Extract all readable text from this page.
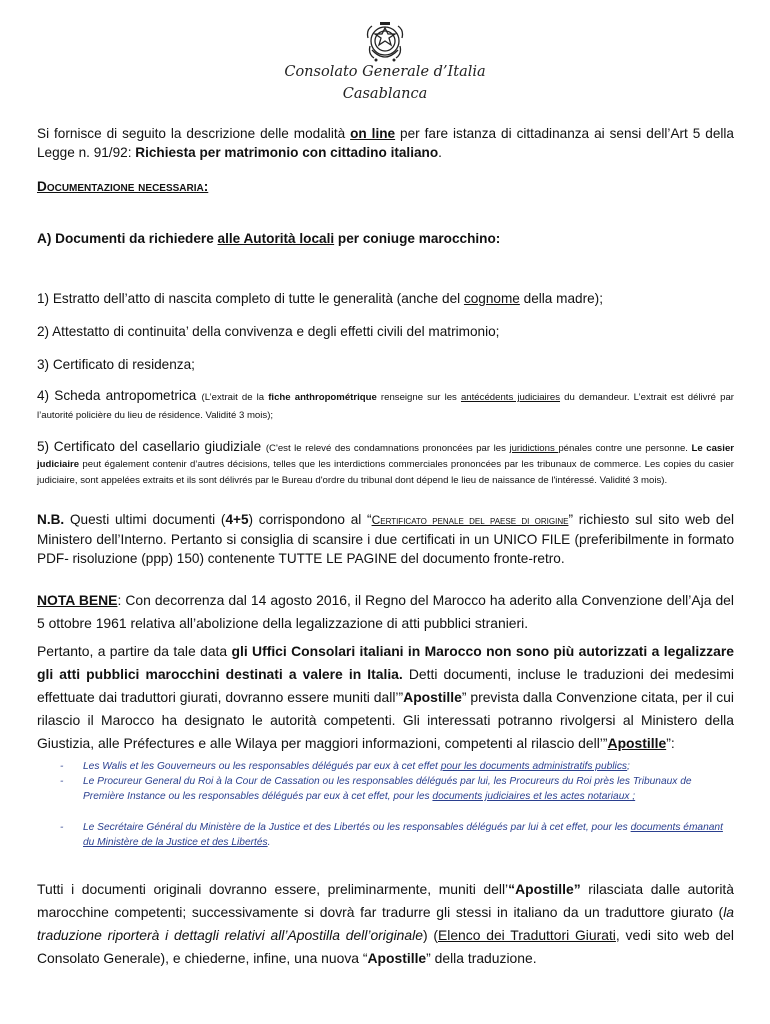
Consolato Generale d’Italia
Casablanca
Si fornisce di seguito la descrizione delle modalità on line per fare istanza di cittadinanza ai sensi dell’Art 5 della Legge n. 91/92: Richiesta per matrimonio con cittadino italiano.
Documentazione necessaria:
A) Documenti da richiedere alle Autorità locali per coniuge marocchino:
1) Estratto dell’atto di nascita completo di tutte le generalità (anche del cognome della madre);
2) Attestatto di continuita’ della convivenza e degli effetti civili del matrimonio;
3) Certificato di residenza;
4) Scheda antropometrica (L’extrait de la fiche anthropométrique renseigne sur les antécédents judiciaires du demandeur. L’extrait est délivré par l’autorité policière du lieu de résidence. Validité 3 mois);
5) Certificato del casellario giudiziale (C'est le relevé des condamnations prononcées par les juridictions pénales contre une personne. Le casier judiciaire peut également contenir d’autres décisions, telles que les interdictions commerciales prononcées par les tribunaux de commerce. Les copies du casier judiciaire, sont appelées extraits et ils sont délivrés par le Bureau d'ordre du tribunal dont dépend le lieu de naissance de l'intéressé. Validité 3 mois).
N.B. Questi ultimi documenti (4+5) corrispondono al “Certificato penale del paese di origine” richiesto sul sito web del Ministero dell’Interno. Pertanto si consiglia di scansire i due certificati in un UNICO FILE (preferibilmente in formato PDF- risoluzione (ppp) 150) contenente TUTTE LE PAGINE del documento fronte-retro.
NOTA BENE: Con decorrenza dal 14 agosto 2016, il Regno del Marocco ha aderito alla Convenzione dell’Aja del 5 ottobre 1961 relativa all’abolizione della legalizzazione di atti pubblici stranieri.
Pertanto, a partire da tale data gli Uffici Consolari italiani in Marocco non sono più autorizzati a legalizzare gli atti pubblici marocchini destinati a valere in Italia. Detti documenti, incluse le traduzioni dei medesimi effettuate dai traduttori giurati, dovranno essere muniti dall’”Apostille” prevista dalla Convenzione citata, per il cui rilascio il Marocco ha designato le autorità competenti. Gli interessati potranno rivolgersi al Ministero della Giustizia, alle Préfectures e alle Wilaya per maggiori informazioni, competenti al rilascio dell’”Apostille”:
- Les Walis et les Gouverneurs ou les responsables délégués par eux à cet effet pour les documents administratifs publics;
- Le Procureur General du Roi à la Cour de Cassation ou les responsables délégués par lui, les Procureurs du Roi près les Tribunaux de Première Instance ou les responsables délégués par eux à cet effet, pour les documents judiciaires et les actes notariaux ;
- Le Secrétaire Général du Ministère de la Justice et des Libertés ou les responsables délégués par lui à cet effet, pour les documents émanant du Ministère de la Justice et des Libertés.
Tutti i documenti originali dovranno essere, preliminarmente, muniti dell’“Apostille” rilasciata dalle autorità marocchine competenti; successivamente si dovrà far tradurre gli stessi in italiano da un traduttore giurato (la traduzione riporterà i dettagli relativi all’Apostilla dell’originale) (Elenco dei Traduttori Giurati, vedi sito web del Consolato Generale), e chiederne, infine, una nuova “Apostille” della traduzione.
